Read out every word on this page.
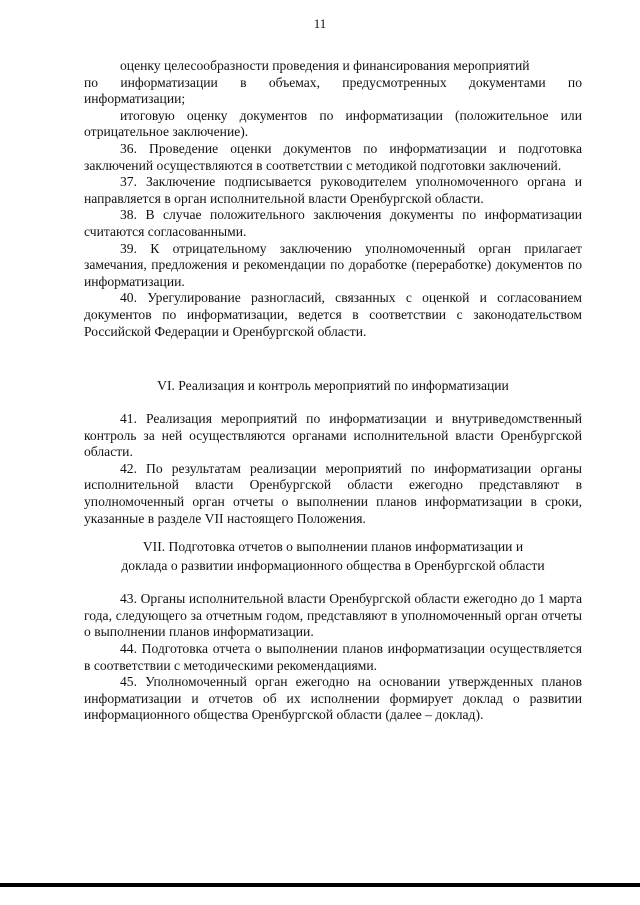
11

оценку целесообразности проведения и финансирования мероприятий

по информатизации в объемах, предусмотренных документами по

информатизации;

итоговую оценку документов по информатизации (положительное или отрицательное заключение).

36. Проведение оценки документов по информатизации и подготовка заключений осуществляются в соответствии с методикой подготовки заключений.

37. Заключение подписывается руководителем уполномоченного органа и направляется в орган исполнительной власти Оренбургской области.

38. В случае положительного заключения документы по информатизации считаются согласованными.

39. К отрицательному заключению уполномоченный орган прилагает замечания, предложения и рекомендации по доработке (переработке) документов по информатизации.

40. Урегулирование разногласий, связанных с оценкой и согласованием документов по информатизации, ведется в соответствии с законодательством Российской Федерации и Оренбургской области.

VI. Реализация и контроль мероприятий по информатизации

41. Реализация мероприятий по информатизации и внутриведомственный контроль за ней осуществляются органами исполнительной власти Оренбургской области.

42. По результатам реализации мероприятий по информатизации органы исполнительной власти Оренбургской области ежегодно представляют в уполномоченный орган отчеты о выполнении планов информатизации в сроки, указанные в разделе VII настоящего Положения.

VII. Подготовка отчетов о выполнении планов информатизации и
доклада о развитии информационного общества в Оренбургской области

43. Органы исполнительной власти Оренбургской области ежегодно до 1 марта года, следующего за отчетным годом, представляют в уполномоченный орган отчеты о выполнении планов информатизации.

44. Подготовка отчета о выполнении планов информатизации осуществляется в соответствии с методическими рекомендациями.

45. Уполномоченный орган ежегодно на основании утвержденных планов информатизации и отчетов об их исполнении формирует доклад о развитии информационного общества Оренбургской области (далее – доклад).
